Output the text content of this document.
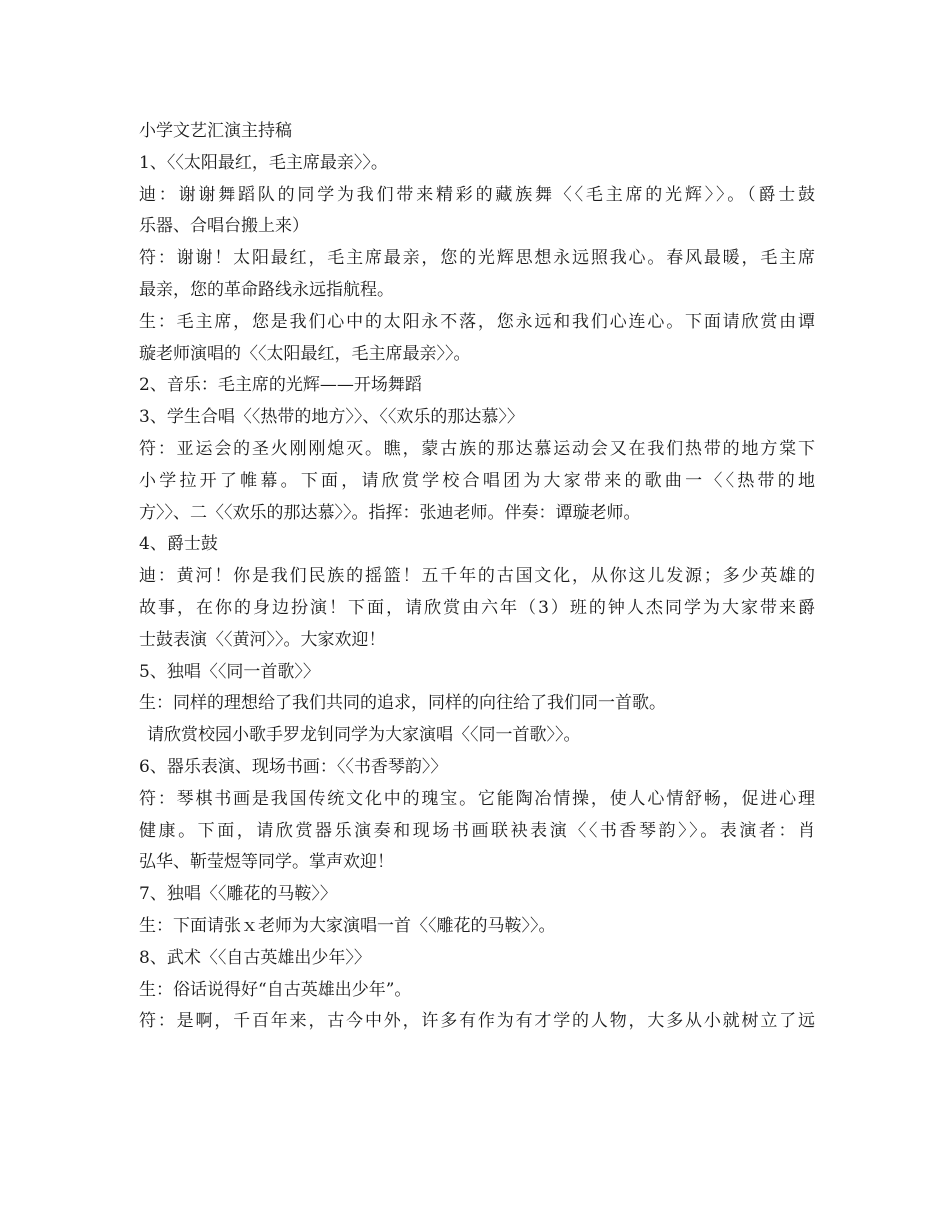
小学文艺汇演主持稿
1、〈〈太阳最红，毛主席最亲〉〉。
迪：谢谢舞蹈队的同学为我们带来精彩的藏族舞〈〈毛主席的光辉〉〉。（爵士鼓
乐器、合唱台搬上来）
符：谢谢！太阳最红，毛主席最亲，您的光辉思想永远照我心。春风最暖，毛主席
最亲，您的革命路线永远指航程。
生：毛主席，您是我们心中的太阳永不落，您永远和我们心连心。下面请欣赏由谭
璇老师演唱的〈〈太阳最红，毛主席最亲〉〉。
2、音乐：毛主席的光辉——开场舞蹈
3、学生合唱〈〈热带的地方〉〉、〈〈欢乐的那达慕〉〉
符：亚运会的圣火刚刚熄灭。瞧，蒙古族的那达慕运动会又在我们热带的地方棠下
小学拉开了帷幕。下面，请欣赏学校合唱团为大家带来的歌曲一〈〈热带的地
方〉〉、二〈〈欢乐的那达慕〉〉。指挥：张迪老师。伴奏：谭璇老师。
4、爵士鼓
迪：黄河！你是我们民族的摇篮！五千年的古国文化，从你这儿发源；多少英雄的
故事，在你的身边扮演！下面，请欣赏由六年（3）班的钟人杰同学为大家带来爵
士鼓表演〈〈黄河〉〉。大家欢迎！
5、独唱〈〈同一首歌〉〉
生：同样的理想给了我们共同的追求，同样的向往给了我们同一首歌。
请欣赏校园小歌手罗龙钊同学为大家演唱〈〈同一首歌〉〉。
6、器乐表演、现场书画：〈〈书香琴韵〉〉
符：琴棋书画是我国传统文化中的瑰宝。它能陶冶情操，使人心情舒畅，促进心理
健康。下面，请欣赏器乐演奏和现场书画联袂表演〈〈书香琴韵〉〉。表演者：肖
弘华、靳莹煜等同学。掌声欢迎！
7、独唱〈〈雕花的马鞍〉〉
生：下面请张ｘ老师为大家演唱一首〈〈雕花的马鞍〉〉。
8、武术〈〈自古英雄出少年〉〉
生：俗话说得好“自古英雄出少年”。
符：是啊，千百年来，古今中外，许多有作为有才学的人物，大多从小就树立了远
